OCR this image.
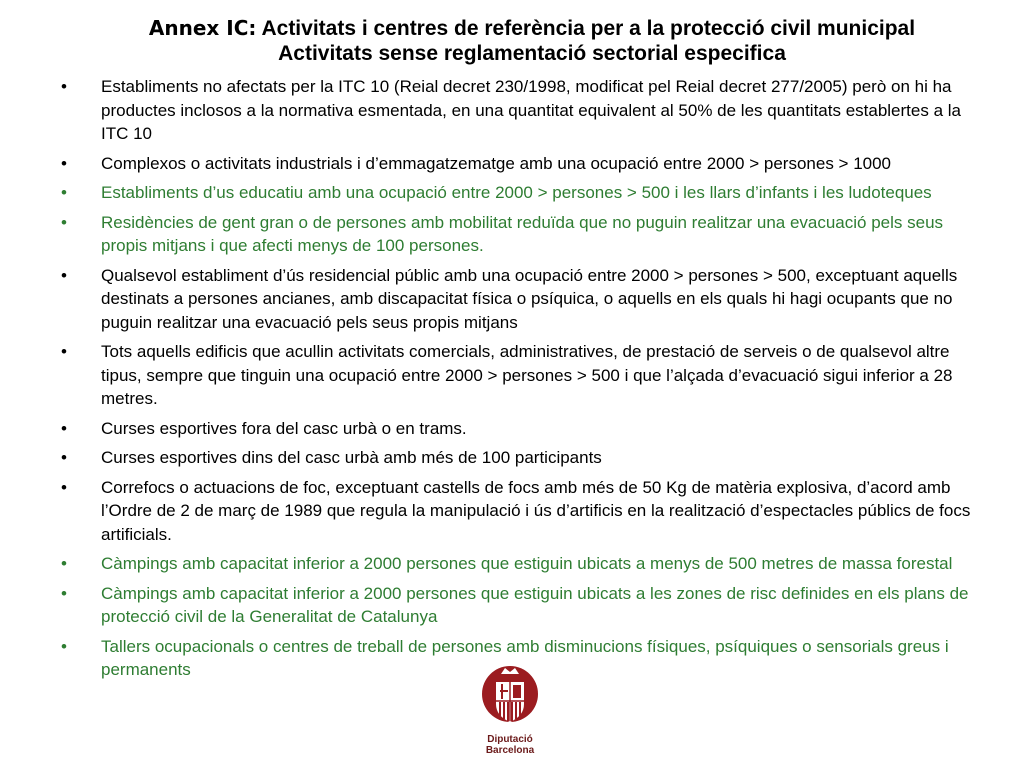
Annex IC: Activitats i centres de referència per a la protecció civil municipal
Activitats sense reglamentació sectorial especifica
• Establiments no afectats per la ITC 10 (Reial decret 230/1998, modificat pel Reial decret 277/2005) però on hi ha productes inclosos a la normativa esmentada, en una quantitat equivalent al 50% de les quantitats establertes a la ITC 10
• Complexos o activitats industrials i d’emmagatzematge amb una ocupació entre 2000 > persones > 1000
• Establiments d’us educatiu amb una ocupació entre 2000 > persones > 500 i les llars d’infants i les ludoteques
• Residències de gent gran o de persones amb mobilitat reduïda que no puguin realitzar una evacuació pels seus propis mitjans i que afecti menys de 100 persones.
• Qualsevol establiment d’ús residencial públic amb una ocupació entre 2000 > persones > 500, exceptuant aquells destinats a persones ancianes, amb discapacitat física o psíquica, o aquells en els quals hi hagi ocupants que no puguin realitzar una evacuació pels seus propis mitjans
• Tots aquells edificis que acullin activitats comercials, administratives, de prestació de serveis o de qualsevol altre tipus, sempre que tinguin una ocupació entre 2000 > persones > 500 i que l’alçada d’evacuació sigui inferior a 28 metres.
• Curses esportives fora del casc urbà o en trams.
• Curses esportives dins del casc urbà amb més de 100 participants
• Correfocs o actuacions de foc, exceptuant castells de focs amb més de 50 Kg de matèria explosiva, d’acord amb l’Ordre de 2 de març de 1989 que regula la manipulació i ús d’artificis en la realització d’espectacles públics de focs artificials.
• Càmpings amb capacitat inferior a 2000 persones que estiguin ubicats a menys de 500 metres de massa forestal
• Càmpings amb capacitat inferior a 2000 persones que estiguin ubicats a les zones de risc definides en els plans de protecció civil de la Generalitat de Catalunya
• Tallers ocupacionals o centres de treball de persones amb disminucions físiques, psíquiques o sensorials greus i permanents
Diputació
Barcelona
